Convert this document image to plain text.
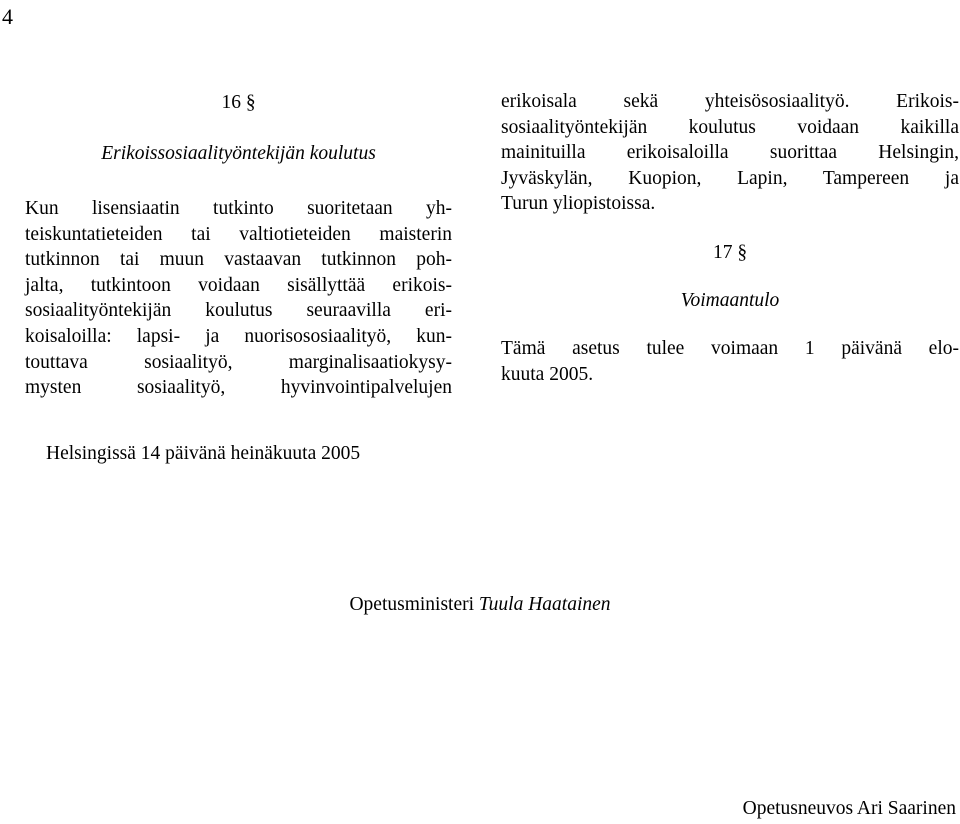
4
16 §
Erikoissosiaalityöntekijän koulutus
Kun lisensiaatin tutkinto suoritetaan yh-
teiskuntatieteiden tai valtiotieteiden maisterin
tutkinnon tai muun vastaavan tutkinnon poh-
jalta, tutkintoon voidaan sisällyttää erikois-
sosiaalityöntekijän koulutus seuraavilla eri-
koisaloilla: lapsi- ja nuorisososiaalityö, kun-
touttava sosiaalityö, marginalisaatiokysy-
mysten sosiaalityö, hyvinvointipalvelujen
erikoisala sekä yhteisösosiaalityö. Erikois-
sosiaalityöntekijän koulutus voidaan kaikilla
mainituilla erikoisaloilla suorittaa Helsingin,
Jyväskylän, Kuopion, Lapin, Tampereen ja
Turun yliopistoissa.
17 §
Voimaantulo
Tämä asetus tulee voimaan 1 päivänä elo-
kuuta 2005.
Helsingissä 14 päivänä heinäkuuta 2005
Opetusministeri Tuula Haatainen
Opetusneuvos Ari Saarinen
